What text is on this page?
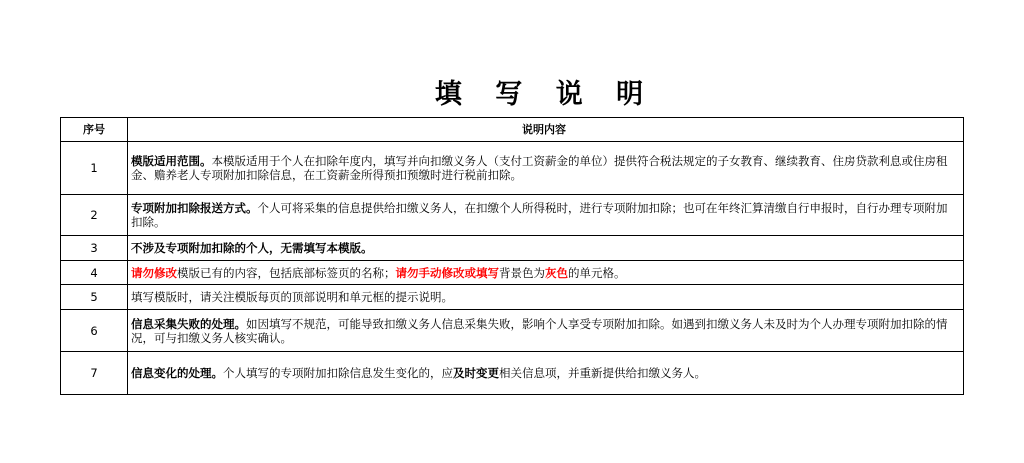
填 写 说 明
序号	说明内容
1	模版适用范围。本模版适用于个人在扣除年度内，填写并向扣缴义务人（支付工资薪金的单位）提供符合税法规定的子女教育、继续教育、住房贷款利息或住房租金、赡养老人专项附加扣除信息，在工资薪金所得预扣预缴时进行税前扣除。
2	专项附加扣除报送方式。个人可将采集的信息提供给扣缴义务人，在扣缴个人所得税时，进行专项附加扣除；也可在年终汇算清缴自行申报时，自行办理专项附加扣除。
3	不涉及专项附加扣除的个人，无需填写本模版。
4	请勿修改模版已有的内容，包括底部标签页的名称；请勿手动修改或填写背景色为灰色的单元格。
5	填写模版时，请关注模版每页的顶部说明和单元框的提示说明。
6	信息采集失败的处理。如因填写不规范，可能导致扣缴义务人信息采集失败，影响个人享受专项附加扣除。如遇到扣缴义务人未及时为个人办理专项附加扣除的情况，可与扣缴义务人核实确认。
7	信息变化的处理。个人填写的专项附加扣除信息发生变化的，应及时变更相关信息项，并重新提供给扣缴义务人。
